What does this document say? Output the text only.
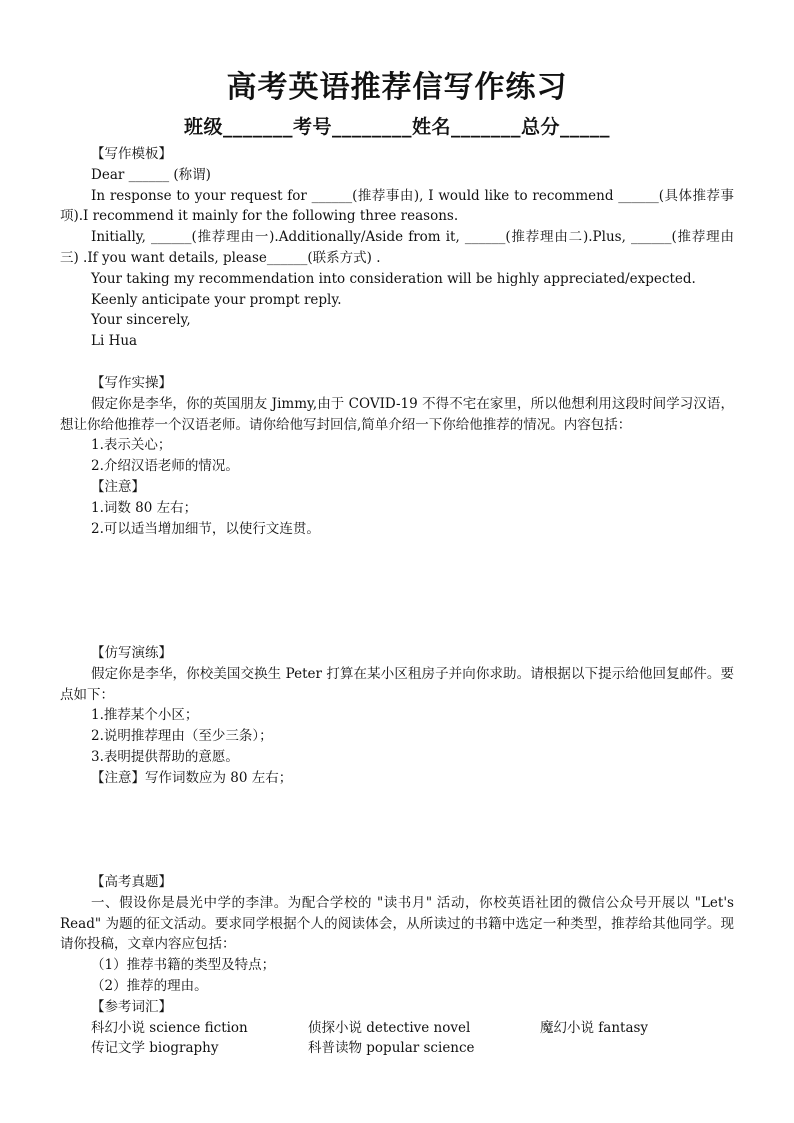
高考英语推荐信写作练习
班级_______考号________姓名_______总分_____

【写作模板】

Dear ______ (称谓)

In response to your request for ______(推荐事由), I would like to recommend ______(具体推荐事项).I recommend it mainly for the following three reasons.

Initially, ______(推荐理由一).Additionally/Aside from it, ______(推荐理由二).Plus, ______(推荐理由三) .If you want details, please______(联系方式) .

Your taking my recommendation into consideration will be highly appreciated/expected.

Keenly anticipate your prompt reply.

Your sincerely,

Li Hua

【写作实操】

假定你是李华，你的英国朋友 Jimmy,由于 COVID-19 不得不宅在家里，所以他想利用这段时间学习汉语， 想让你给他推荐一个汉语老师。请你给他写封回信,简单介绍一下你给他推荐的情况。内容包括：

1.表示关心；

2.介绍汉语老师的情况。

【注意】

1.词数 80 左右；

2.可以适当增加细节，以使行文连贯。

【仿写演练】

假定你是李华，你校美国交换生 Peter 打算在某小区租房子并向你求助。请根据以下提示给他回复邮件。要点如下：

1.推荐某个小区；

2.说明推荐理由（至少三条）；

3.表明提供帮助的意愿。

【注意】写作词数应为 80 左右；

【高考真题】

一、假设你是晨光中学的李津。为配合学校的 "读书月" 活动，你校英语社团的微信公众号开展以 "Let's Read" 为题的征文活动。要求同学根据个人的阅读体会，从所读过的书籍中选定一种类型，推荐给其他同学。现请你投稿，文章内容应包括：

（1）推荐书籍的类型及特点；

（2）推荐的理由。

【参考词汇】

科幻小说 science fiction	侦探小说 detective novel	魔幻小说 fantasy
传记文学 biography	科普读物 popular science
